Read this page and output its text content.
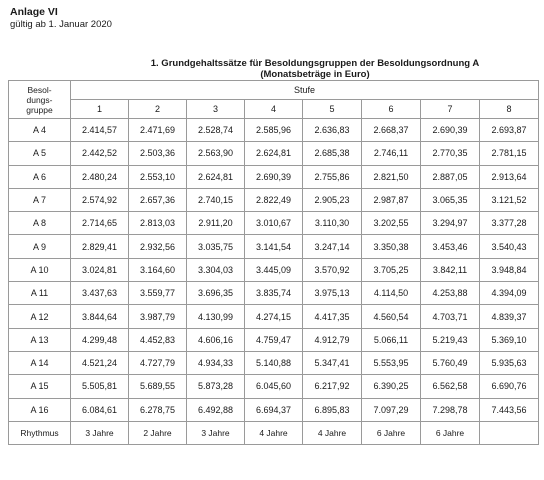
Anlage VI
gültig ab 1. Januar 2020
1. Grundgehaltssätze für Besoldungsgruppen der Besoldungsordnung A
(Monatsbeträge in Euro)
Besol-
dungs-
gruppe	Stufe							
	1	2	3	4	5	6	7	8
A 4	2.414,57	2.471,69	2.528,74	2.585,96	2.636,83	2.668,37	2.690,39	2.693,87
A 5	2.442,52	2.503,36	2.563,90	2.624,81	2.685,38	2.746,11	2.770,35	2.781,15
A 6	2.480,24	2.553,10	2.624,81	2.690,39	2.755,86	2.821,50	2.887,05	2.913,64
A 7	2.574,92	2.657,36	2.740,15	2.822,49	2.905,23	2.987,87	3.065,35	3.121,52
A 8	2.714,65	2.813,03	2.911,20	3.010,67	3.110,30	3.202,55	3.294,97	3.377,28
A 9	2.829,41	2.932,56	3.035,75	3.141,54	3.247,14	3.350,38	3.453,46	3.540,43
A 10	3.024,81	3.164,60	3.304,03	3.445,09	3.570,92	3.705,25	3.842,11	3.948,84
A 11	3.437,63	3.559,77	3.696,35	3.835,74	3.975,13	4.114,50	4.253,88	4.394,09
A 12	3.844,64	3.987,79	4.130,99	4.274,15	4.417,35	4.560,54	4.703,71	4.839,37
A 13	4.299,48	4.452,83	4.606,16	4.759,47	4.912,79	5.066,11	5.219,43	5.369,10
A 14	4.521,24	4.727,79	4.934,33	5.140,88	5.347,41	5.553,95	5.760,49	5.935,63
A 15	5.505,81	5.689,55	5.873,28	6.045,60	6.217,92	6.390,25	6.562,58	6.690,76
A 16	6.084,61	6.278,75	6.492,88	6.694,37	6.895,83	7.097,29	7.298,78	7.443,56
Rhythmus	3 Jahre	2 Jahre	3 Jahre	4 Jahre	4 Jahre	6 Jahre	6 Jahre	
